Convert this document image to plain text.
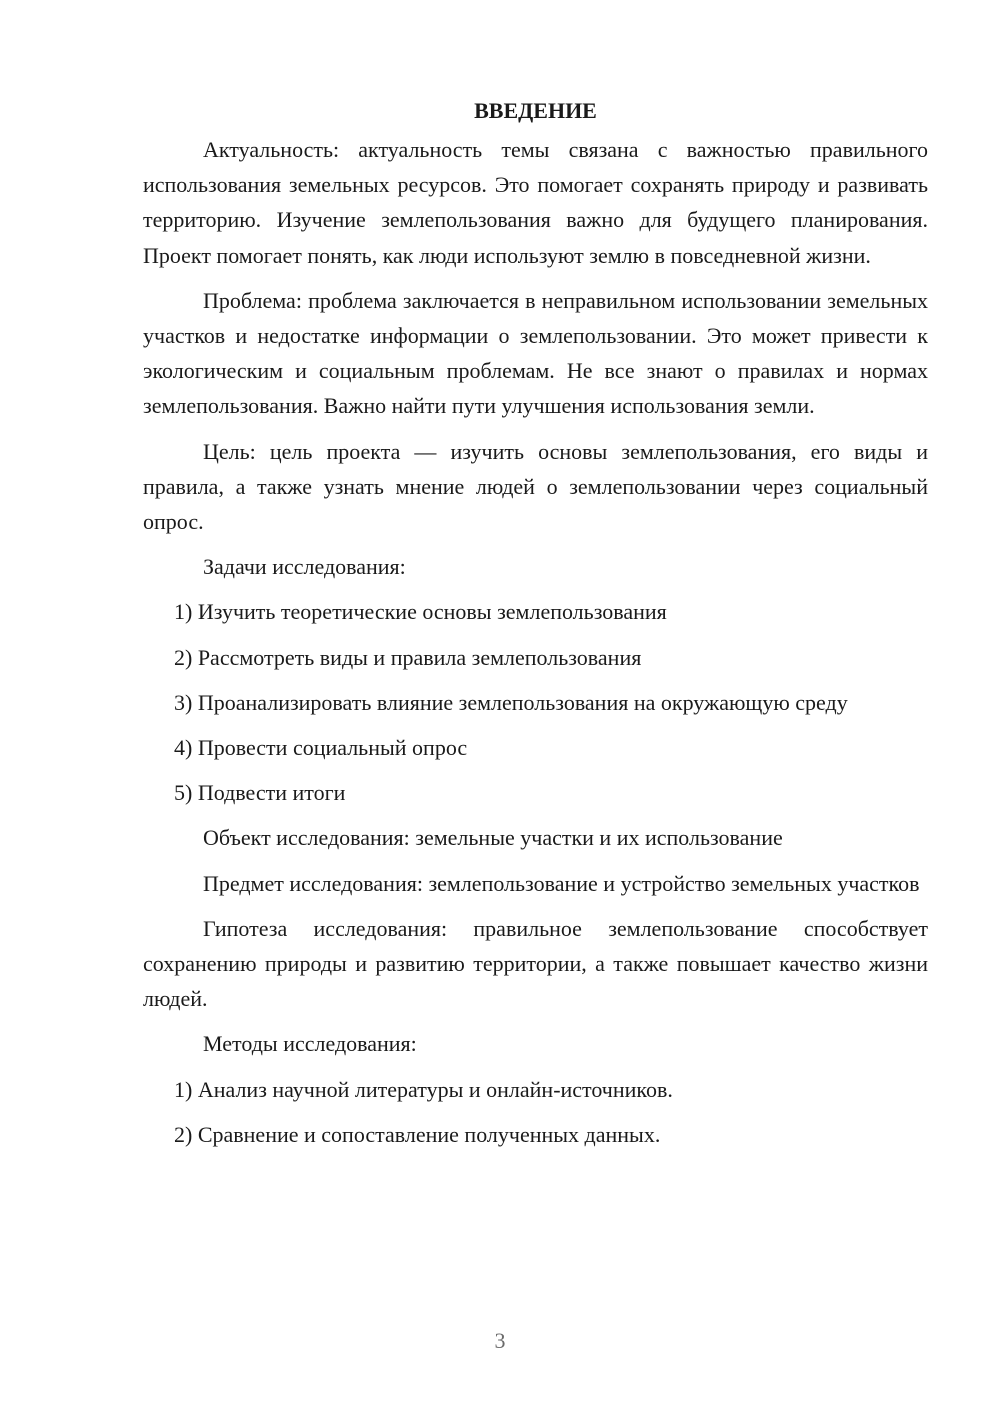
ВВЕДЕНИЕ

Актуальность: актуальность темы связана с важностью правильного использования земельных ресурсов. Это помогает сохранять природу и развивать территорию. Изучение землепользования важно для будущего планирования. Проект помогает понять, как люди используют землю в повседневной жизни.

Проблема: проблема заключается в неправильном использовании земельных участков и недостатке информации о землепользовании. Это может привести к экологическим и социальным проблемам. Не все знают о правилах и нормах землепользования. Важно найти пути улучшения использования земли.

Цель: цель проекта — изучить основы землепользования, его виды и правила, а также узнать мнение людей о землепользовании через социальный опрос.

Задачи исследования:

1) Изучить теоретические основы землепользования

2) Рассмотреть виды и правила землепользования

3) Проанализировать влияние землепользования на окружающую среду

4) Провести социальный опрос

5) Подвести итоги

Объект исследования: земельные участки и их использование

Предмет исследования: землепользование и устройство земельных участков

Гипотеза исследования: правильное землепользование способствует сохранению природы и развитию территории, а также повышает качество жизни людей.

Методы исследования:

1) Анализ научной литературы и онлайн-источников.

2) Сравнение и сопоставление полученных данных.

3
